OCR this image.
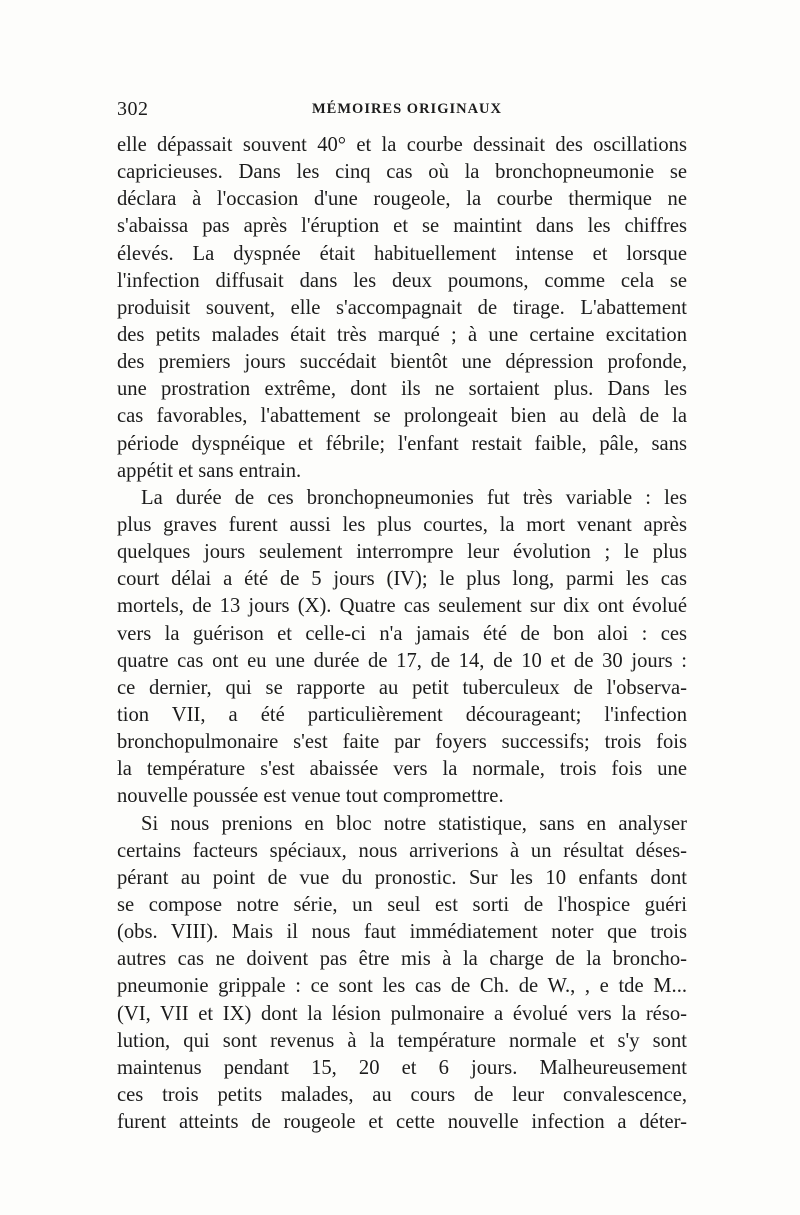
302	MÉMOIRES ORIGINAUX
elle dépassait souvent 40° et la courbe dessinait des oscillations
capricieuses. Dans les cinq cas où la bronchopneumonie se
déclara à l'occasion d'une rougeole, la courbe thermique ne
s'abaissa pas après l'éruption et se maintint dans les chiffres
élevés. La dyspnée était habituellement intense et lorsque
l'infection diffusait dans les deux poumons, comme cela se
produisit souvent, elle s'accompagnait de tirage. L'abattement
des petits malades était très marqué ; à une certaine excitation
des premiers jours succédait bientôt une dépression profonde,
une prostration extrême, dont ils ne sortaient plus. Dans les
cas favorables, l'abattement se prolongeait bien au delà de la
période dyspnéique et fébrile; l'enfant restait faible, pâle, sans
appétit et sans entrain.
La durée de ces bronchopneumonies fut très variable : les
plus graves furent aussi les plus courtes, la mort venant après
quelques jours seulement interrompre leur évolution ; le plus
court délai a été de 5 jours (IV); le plus long, parmi les cas
mortels, de 13 jours (X). Quatre cas seulement sur dix ont évolué
vers la guérison et celle-ci n'a jamais été de bon aloi : ces
quatre cas ont eu une durée de 17, de 14, de 10 et de 30 jours :
ce dernier, qui se rapporte au petit tuberculeux de l'observa-
tion VII, a été particulièrement décourageant; l'infection
bronchopulmonaire s'est faite par foyers successifs; trois fois
la température s'est abaissée vers la normale, trois fois une
nouvelle poussée est venue tout compromettre.
Si nous prenions en bloc notre statistique, sans en analyser
certains facteurs spéciaux, nous arriverions à un résultat déses-
pérant au point de vue du pronostic. Sur les 10 enfants dont
se compose notre série, un seul est sorti de l'hospice guéri
(obs. VIII). Mais il nous faut immédiatement noter que trois
autres cas ne doivent pas être mis à la charge de la broncho-
pneumonie grippale : ce sont les cas de Ch. de W., , e tde M...
(VI, VII et IX) dont la lésion pulmonaire a évolué vers la réso-
lution, qui sont revenus à la température normale et s'y sont
maintenus pendant 15, 20 et 6 jours. Malheureusement
ces trois petits malades, au cours de leur convalescence,
furent atteints de rougeole et cette nouvelle infection a déter-
